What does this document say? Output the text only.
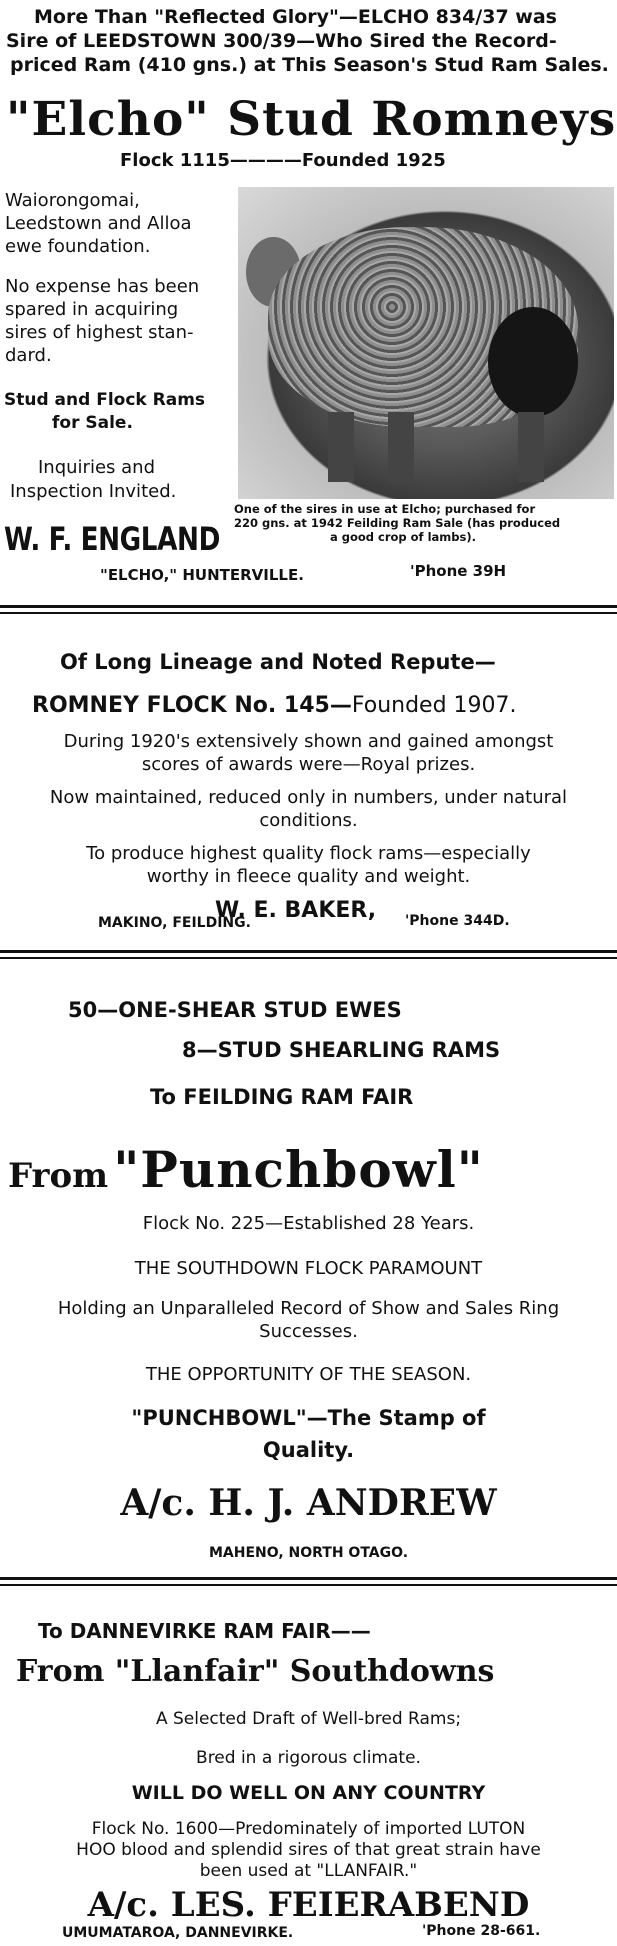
More Than "Reflected Glory"—ELCHO 834/37 was
Sire of LEEDSTOWN 300/39—Who Sired the Record-
priced Ram (410 gns.) at This Season's Stud Ram Sales.
"Elcho" Stud Romneys
Flock 1115————Founded 1925
Waiorongomai,
Leedstown and Alloa
ewe foundation.
No expense has been
spared in acquiring
sires of highest stan-
dard.
Stud and Flock Rams
for Sale.
Inquiries and
Inspection Invited.
One of the sires in use at Elcho; purchased for
220 gns. at 1942 Feilding Ram Sale (has produced
a good crop of lambs).
W. F. ENGLAND
"ELCHO," HUNTERVILLE.	'Phone 39H
Of Long Lineage and Noted Repute—
ROMNEY FLOCK No. 145—Founded 1907.
During 1920's extensively shown and gained amongst
scores of awards were—Royal prizes.
Now maintained, reduced only in numbers, under natural
conditions.
To produce highest quality flock rams—especially
worthy in fleece quality and weight.
W. E. BAKER,
MAKINO, FEILDING.	'Phone 344D.
50—ONE-SHEAR STUD EWES
8—STUD SHEARLING RAMS
To FEILDING RAM FAIR
From "Punchbowl"
Flock No. 225—Established 28 Years.
THE SOUTHDOWN FLOCK PARAMOUNT
Holding an Unparalleled Record of Show and Sales Ring
Successes.
THE OPPORTUNITY OF THE SEASON.
"PUNCHBOWL"—The Stamp of
Quality.
A/c. H. J. ANDREW
MAHENO, NORTH OTAGO.
To DANNEVIRKE RAM FAIR——
From "Llanfair" Southdowns
A Selected Draft of Well-bred Rams;
Bred in a rigorous climate.
WILL DO WELL ON ANY COUNTRY
Flock No. 1600—Predominately of imported LUTON
HOO blood and splendid sires of that great strain have
been used at "LLANFAIR."
A/c. LES. FEIERABEND
UMUMATAROA, DANNEVIRKE.	'Phone 28-661.
